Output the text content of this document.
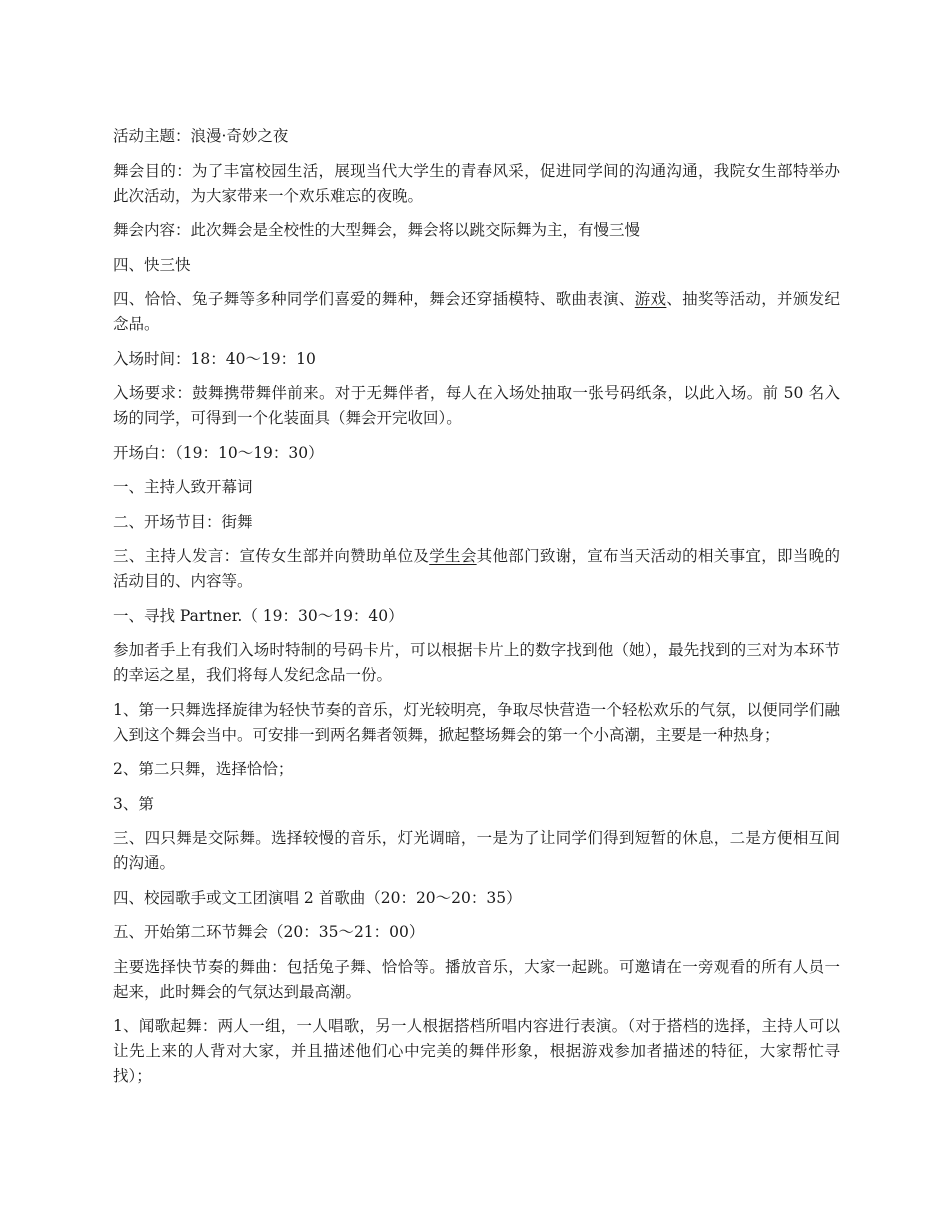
活动主题：浪漫·奇妙之夜

舞会目的：为了丰富校园生活，展现当代大学生的青春风采，促进同学间的沟通沟通，我院女生部特举办此次活动，为大家带来一个欢乐难忘的夜晚。

舞会内容：此次舞会是全校性的大型舞会，舞会将以跳交际舞为主，有慢三慢

四、快三快

四、恰恰、兔子舞等多种同学们喜爱的舞种，舞会还穿插模特、歌曲表演、游戏、抽奖等活动，并颁发纪念品。

入场时间：18：40～19：10

入场要求：鼓舞携带舞伴前来。对于无舞伴者，每人在入场处抽取一张号码纸条，以此入场。前 50 名入场的同学，可得到一个化装面具（舞会开完收回）。

开场白：（19：10～19：30）

一、主持人致开幕词

二、开场节目：街舞

三、主持人发言：宣传女生部并向赞助单位及学生会其他部门致谢，宣布当天活动的相关事宜，即当晚的活动目的、内容等。

一、寻找 Partner.（ 19：30～19：40）

参加者手上有我们入场时特制的号码卡片，可以根据卡片上的数字找到他（她），最先找到的三对为本环节的幸运之星，我们将每人发纪念品一份。

1、第一只舞选择旋律为轻快节奏的音乐，灯光较明亮，争取尽快营造一个轻松欢乐的气氛，以便同学们融入到这个舞会当中。可安排一到两名舞者领舞，掀起整场舞会的第一个小高潮，主要是一种热身；

2、第二只舞，选择恰恰；

3、第

三、四只舞是交际舞。选择较慢的音乐，灯光调暗，一是为了让同学们得到短暂的休息，二是方便相互间的沟通。

四、校园歌手或文工团演唱 2 首歌曲（20：20～20：35）

五、开始第二环节舞会（20：35～21：00）

主要选择快节奏的舞曲：包括兔子舞、恰恰等。播放音乐，大家一起跳。可邀请在一旁观看的所有人员一起来，此时舞会的气氛达到最高潮。

1、闻歌起舞：两人一组，一人唱歌，另一人根据搭档所唱内容进行表演。（对于搭档的选择，主持人可以让先上来的人背对大家，并且描述他们心中完美的舞伴形象，根据游戏参加者描述的特征，大家帮忙寻找）；
